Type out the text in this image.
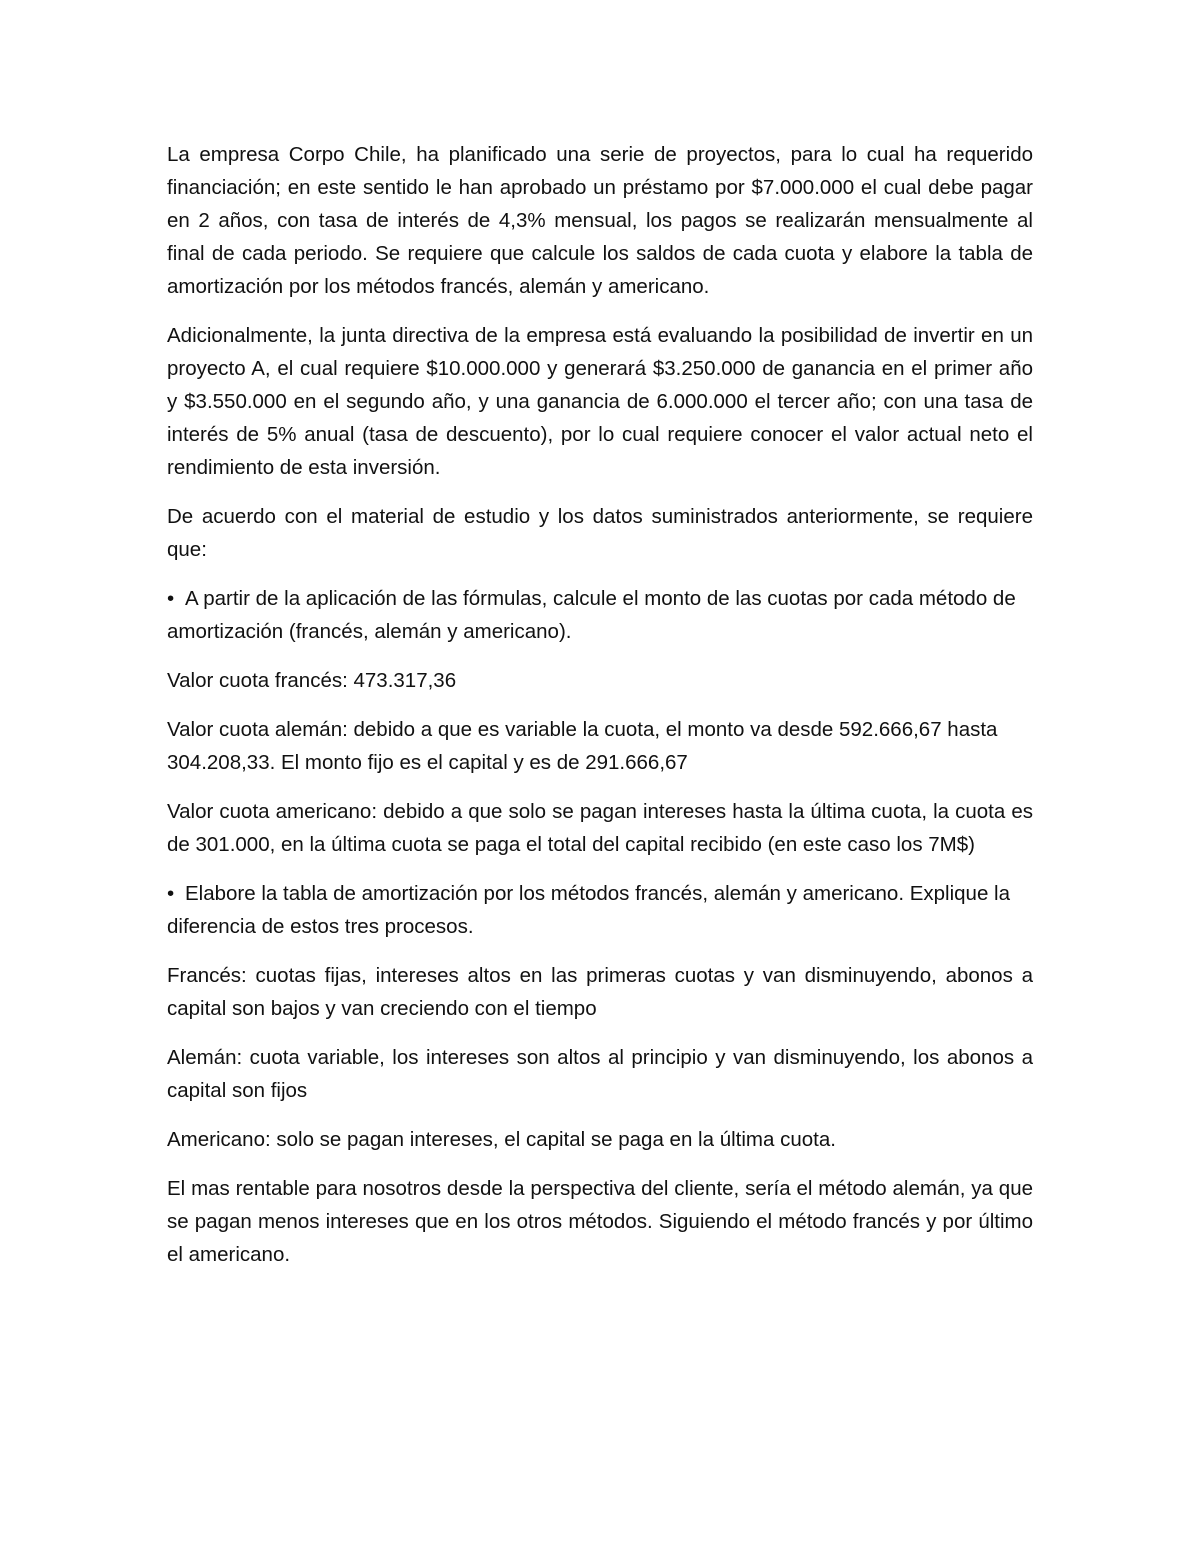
La empresa Corpo Chile, ha planificado una serie de proyectos, para lo cual ha requerido financiación; en este sentido le han aprobado un préstamo por $7.000.000 el cual debe pagar en 2 años, con tasa de interés de 4,3% mensual, los pagos se realizarán mensualmente al final de cada periodo. Se requiere que calcule los saldos de cada cuota y elabore la tabla de amortización por los métodos francés, alemán y americano.

Adicionalmente, la junta directiva de la empresa está evaluando la posibilidad de invertir en un proyecto A, el cual requiere $10.000.000 y generará $3.250.000 de ganancia en el primer año y $3.550.000 en el segundo año, y una ganancia de 6.000.000 el tercer año; con una tasa de interés de 5% anual (tasa de descuento), por lo cual requiere conocer el valor actual neto el rendimiento de esta inversión.

De acuerdo con el material de estudio y los datos suministrados anteriormente, se requiere que:

• A partir de la aplicación de las fórmulas, calcule el monto de las cuotas por cada método de amortización (francés, alemán y americano).

Valor cuota francés: 473.317,36

Valor cuota alemán: debido a que es variable la cuota, el monto va desde 592.666,67 hasta 304.208,33. El monto fijo es el capital y es de 291.666,67

Valor cuota americano: debido a que solo se pagan intereses hasta la última cuota, la cuota es de 301.000, en la última cuota se paga el total del capital recibido (en este caso los 7M$)

• Elabore la tabla de amortización por los métodos francés, alemán y americano. Explique la diferencia de estos tres procesos.

Francés: cuotas fijas, intereses altos en las primeras cuotas y van disminuyendo, abonos a capital son bajos y van creciendo con el tiempo

Alemán: cuota variable, los intereses son altos al principio y van disminuyendo, los abonos a capital son fijos

Americano: solo se pagan intereses, el capital se paga en la última cuota.

El mas rentable para nosotros desde la perspectiva del cliente, sería el método alemán, ya que se pagan menos intereses que en los otros métodos. Siguiendo el método francés y por último el americano.
